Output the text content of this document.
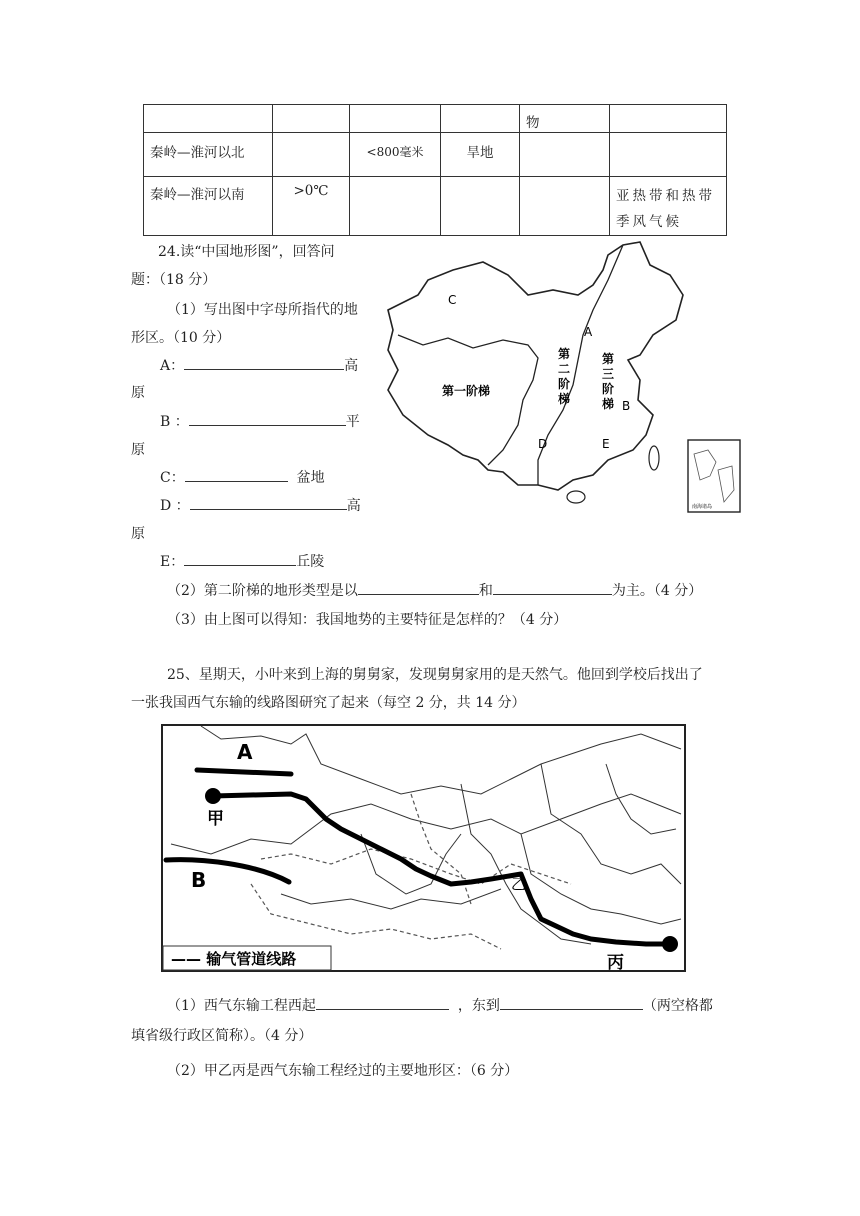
				物	
秦岭—淮河以北		<800毫米	旱地		
秦岭—淮河以南	>0℃				亚热带和热带季风气候
24.读“中国地形图”，回答问
题：（18 分）
（1）写出图中字母所指代的地
形区。（10 分）
A：	高
原
B ：	平
原
C：	盆地
D ：	高
原
E：	丘陵
（2）第二阶梯的地形类型是以	和	为主。（4 分）
（3）由上图可以得知：我国地势的主要特征是怎样的？（4 分）
C
A
B
D	E
第一阶梯
第
二
阶
梯
第
三
阶
梯
南海诸岛
25、星期天，小叶来到上海的舅舅家，发现舅舅家用的是天然气。他回到学校后找出了
一张我国西气东输的线路图研究了起来（每空 2 分，共 14 分）
A
B
甲
乙
丙
—— 输气管道线路
（1）西气东输工程西起	，东到	（两空格都
填省级行政区简称）。（4 分）
（2）甲乙丙是西气东输工程经过的主要地形区：（6 分）
